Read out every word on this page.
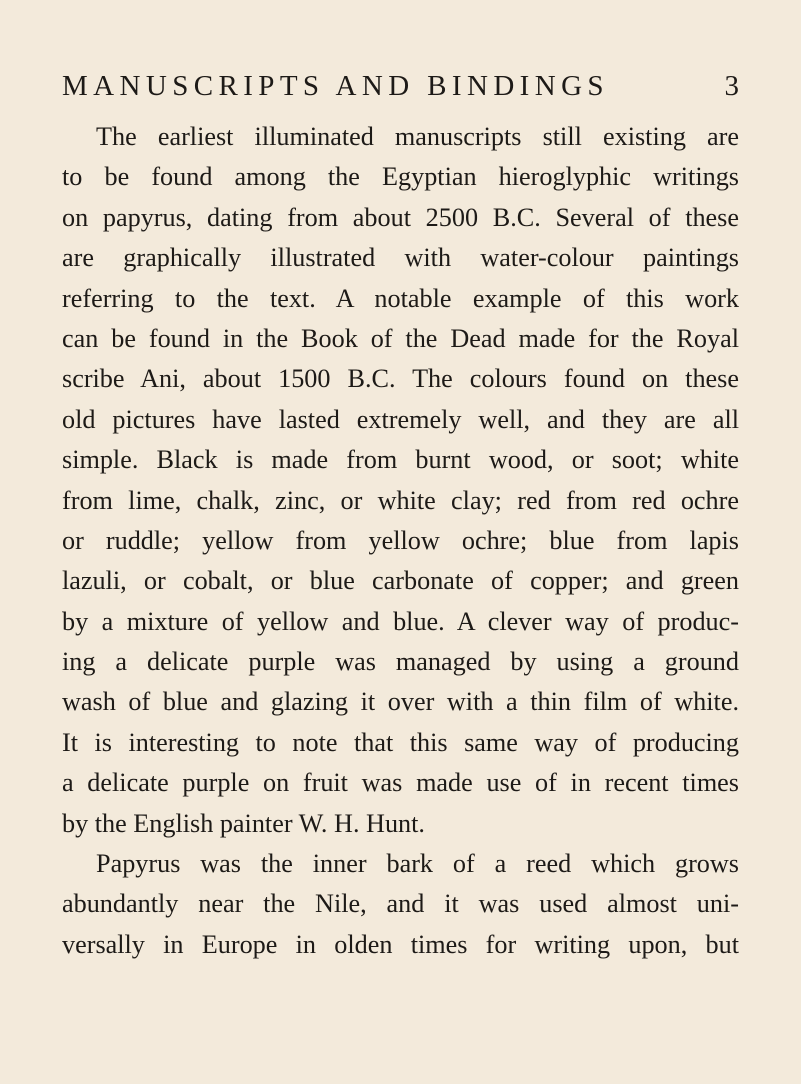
MANUSCRIPTS AND BINDINGS	3
The earliest illuminated manuscripts still existing are
to be found among the Egyptian hieroglyphic writings
on papyrus, dating from about 2500 B.C. Several of these
are graphically illustrated with water-colour paintings
referring to the text. A notable example of this work
can be found in the Book of the Dead made for the Royal
scribe Ani, about 1500 B.C. The colours found on these
old pictures have lasted extremely well, and they are all
simple. Black is made from burnt wood, or soot; white
from lime, chalk, zinc, or white clay; red from red ochre
or ruddle; yellow from yellow ochre; blue from lapis
lazuli, or cobalt, or blue carbonate of copper; and green
by a mixture of yellow and blue. A clever way of produc-
ing a delicate purple was managed by using a ground
wash of blue and glazing it over with a thin film of white.
It is interesting to note that this same way of producing
a delicate purple on fruit was made use of in recent times
by the English painter W. H. Hunt.
Papyrus was the inner bark of a reed which grows
abundantly near the Nile, and it was used almost uni-
versally in Europe in olden times for writing upon, but
